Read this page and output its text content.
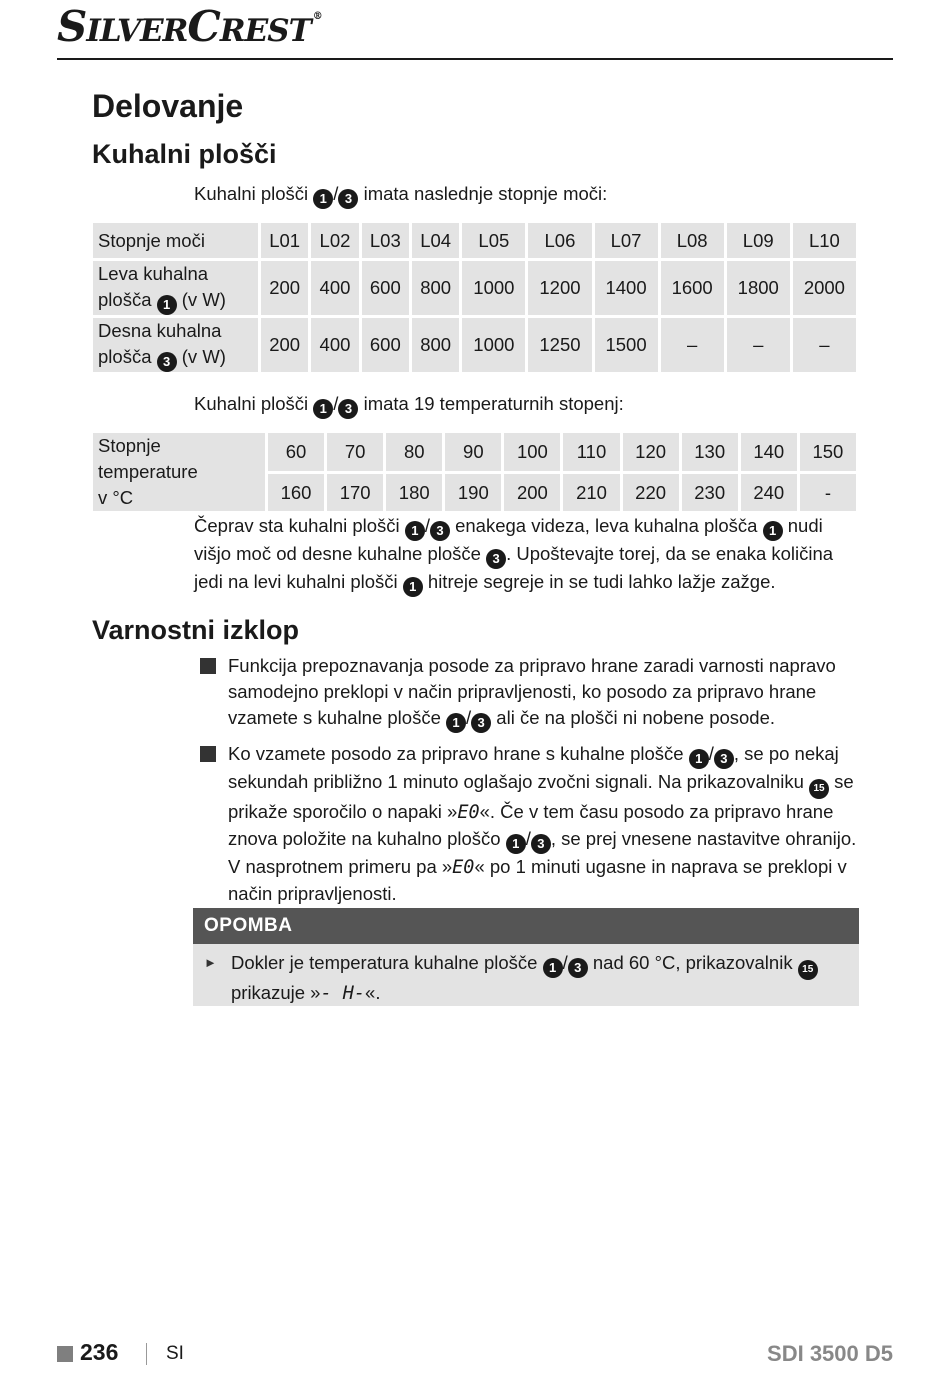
SILVERCREST ®
Delovanje
Kuhalni plošči
Kuhalni plošči 1 / 3 imata naslednje stopnje moči:
Stopnje moči	L01	L02	L03	L04	L05	L06	L07	L08	L09	L10
Leva kuhalna
plošča 1 (v W)	200	400	600	800	1000	1200	1400	1600	1800	2000
Desna kuhalna
plošča 3 (v W)	200	400	600	800	1000	1250	1500	–	–	–
Kuhalni plošči 1 / 3 imata 19 temperaturnih stopenj:
Stopnje temperature
v °C	60	70	80	90	100	110	120	130	140	150
	160	170	180	190	200	210	220	230	240	-
Čeprav sta kuhalni plošči 1 / 3 enakega videza, leva kuhalna plošča 1 nudi višjo moč od desne kuhalne plošče 3 . Upoštevajte torej, da se enaka količina jedi na levi kuhalni plošči 1 hitreje segreje in se tudi lahko lažje zažge.
Varnostni izklop
Funkcija prepoznavanja posode za pripravo hrane zaradi varnosti napravo samodejno preklopi v način pripravljenosti, ko posodo za pripravo hrane vzamete s kuhalne plošče 1 / 3 ali če na plošči ni nobene posode.
Ko vzamete posodo za pripravo hrane s kuhalne plošče 1 / 3 , se po nekaj sekundah približno 1 minuto oglašajo zvočni signali. Na prikazovalniku 15 se prikaže sporočilo o napaki »E0«. Če v tem času posodo za pripravo hrane znova položite na kuhalno ploščo 1 / 3 , se prej vnesene nastavitve ohranijo. V nasprotnem primeru pa »E0« po 1 minuti ugasne in naprava se preklopi v način pripravljenosti.
OPOMBA
► Dokler je temperatura kuhalne plošče 1 / 3 nad 60 °C, prikazovalnik 15 prikazuje »- H-«.
236	SI	SDI 3500 D5
